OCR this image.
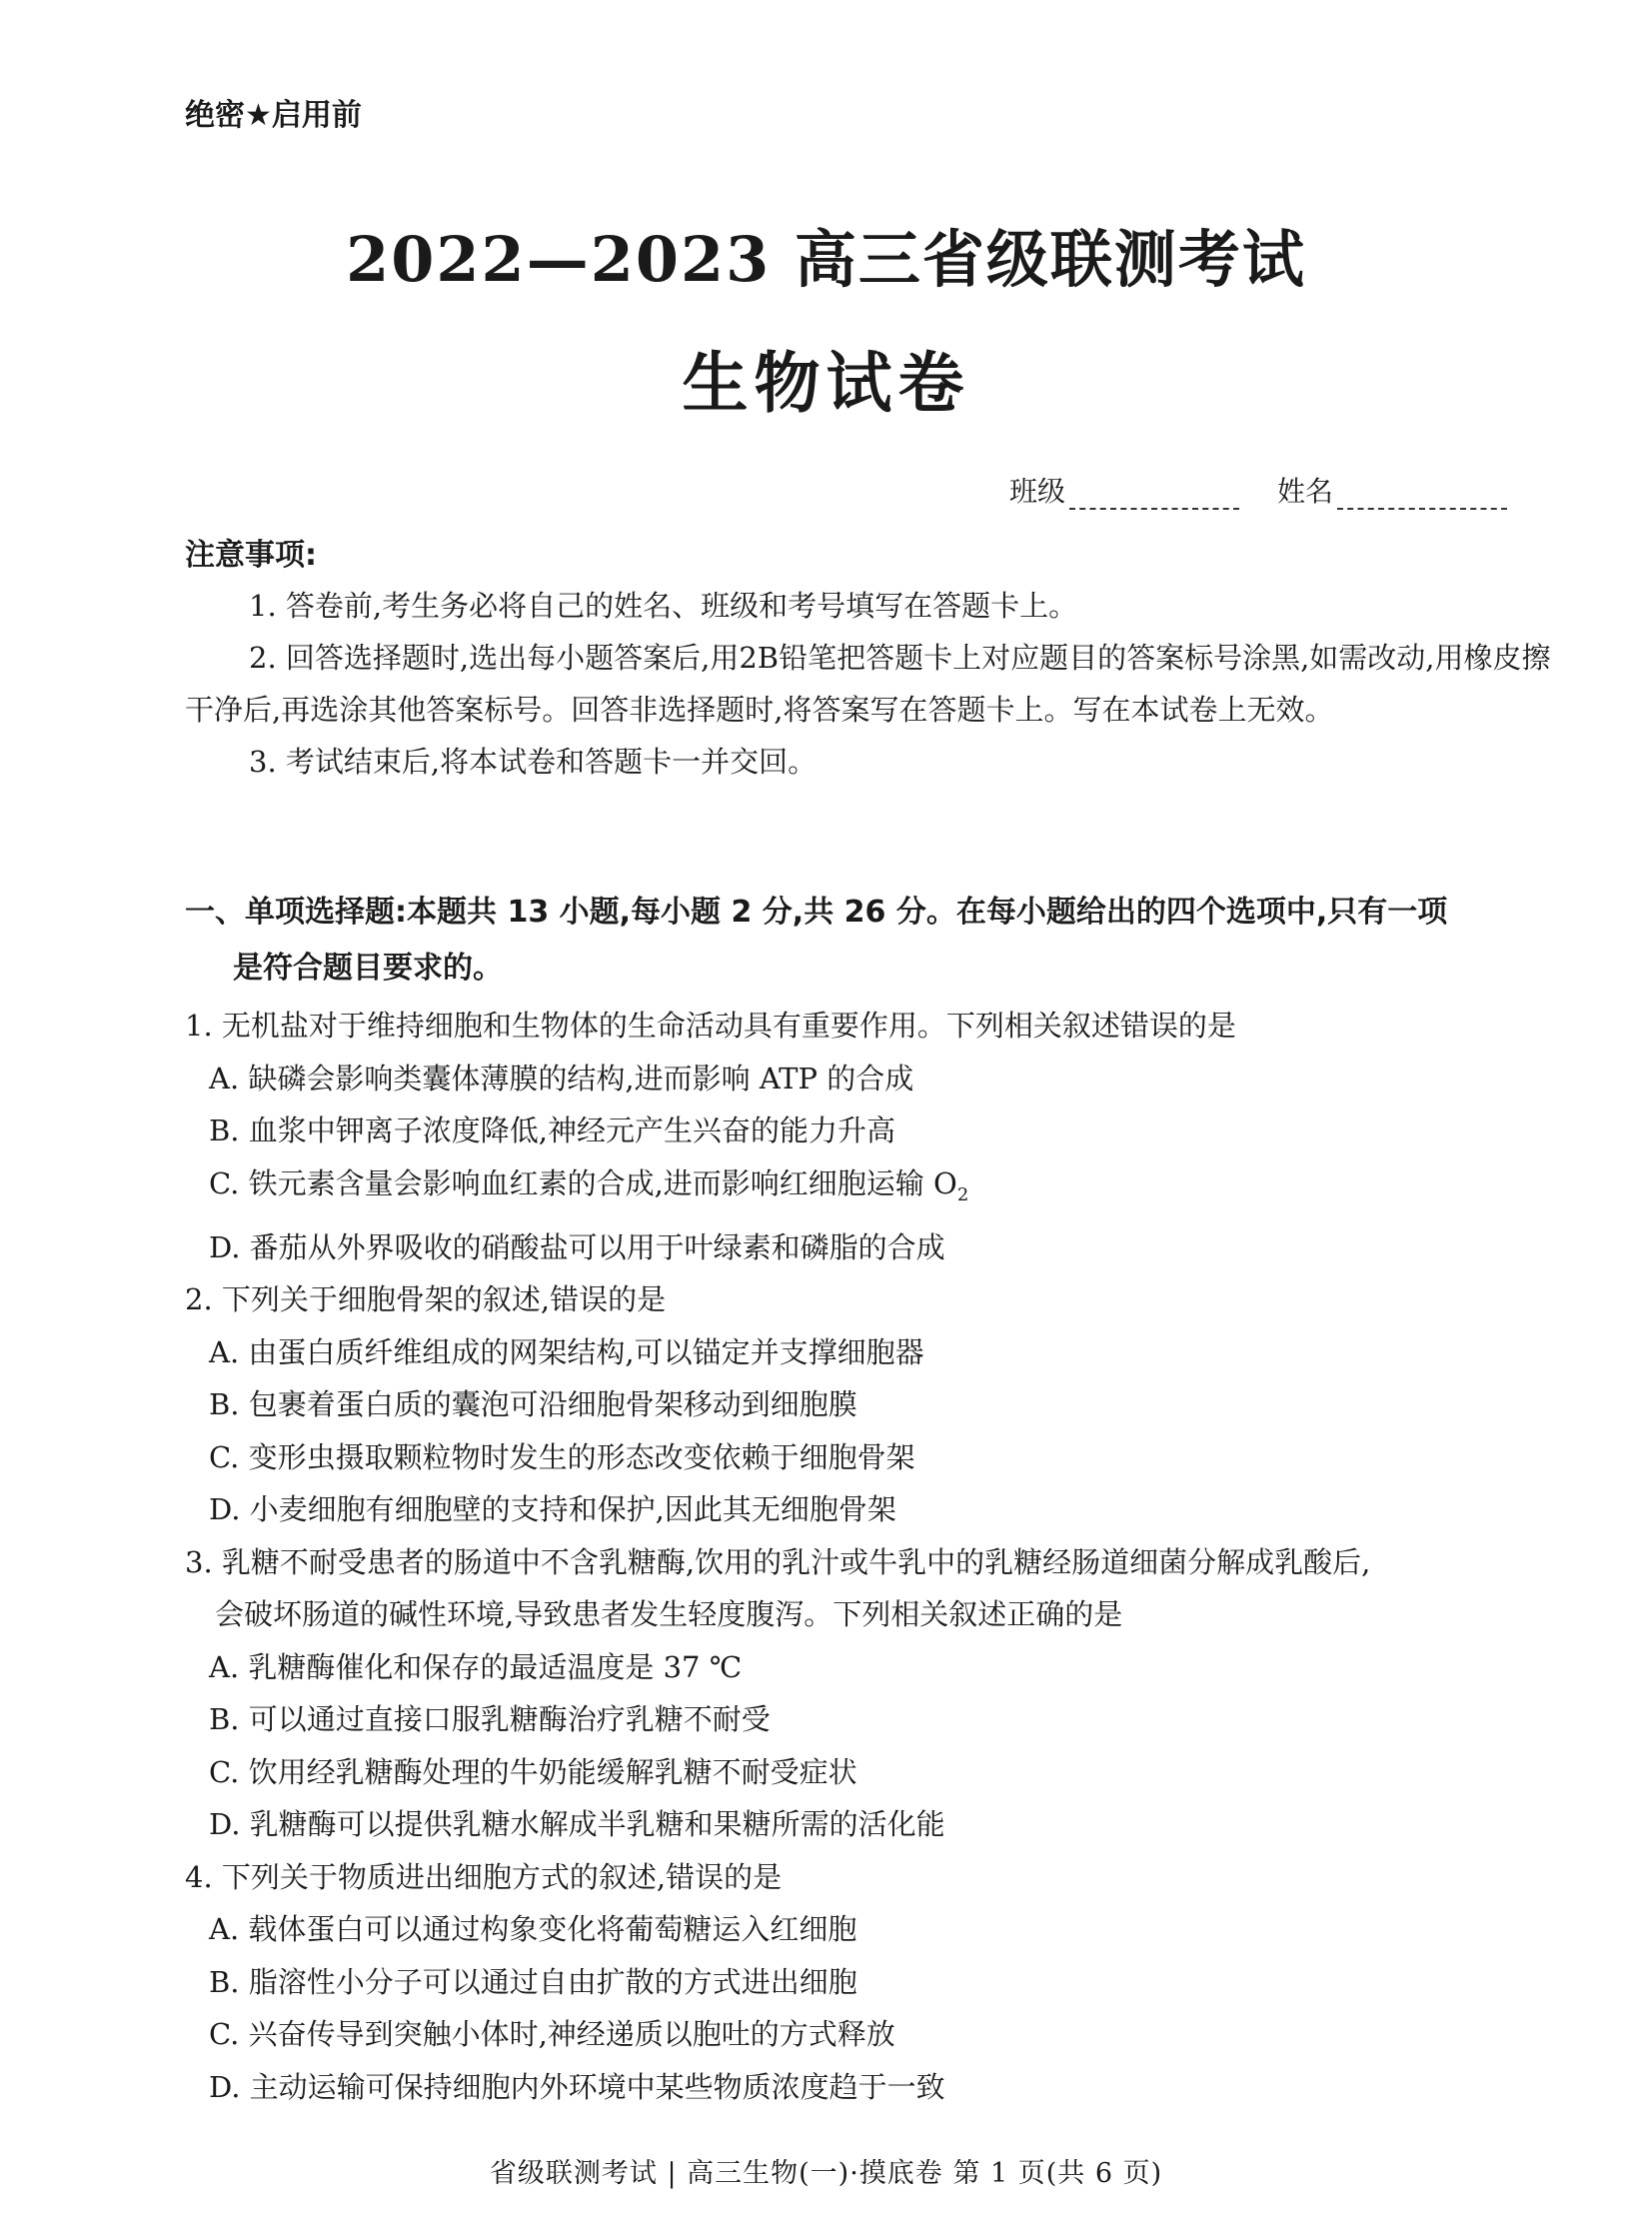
绝密★启用前
2022—2023 高三省级联测考试
生物试卷
班级	姓名
注意事项:

1. 答卷前,考生务必将自己的姓名、班级和考号填写在答题卡上。

2. 回答选择题时,选出每小题答案后,用2B铅笔把答题卡上对应题目的答案标号涂黑,如需改动,用橡皮擦干净后,再选涂其他答案标号。回答非选择题时,将答案写在答题卡上。写在本试卷上无效。

3. 考试结束后,将本试卷和答题卡一并交回。

一、单项选择题:本题共 13 小题,每小题 2 分,共 26 分。在每小题给出的四个选项中,只有一项
是符合题目要求的。

1. 无机盐对于维持细胞和生物体的生命活动具有重要作用。下列相关叙述错误的是

A. 缺磷会影响类囊体薄膜的结构,进而影响 ATP 的合成

B. 血浆中钾离子浓度降低,神经元产生兴奋的能力升高

C. 铁元素含量会影响血红素的合成,进而影响红细胞运输 $O_2$

D. 番茄从外界吸收的硝酸盐可以用于叶绿素和磷脂的合成

2. 下列关于细胞骨架的叙述,错误的是

A. 由蛋白质纤维组成的网架结构,可以锚定并支撑细胞器

B. 包裹着蛋白质的囊泡可沿细胞骨架移动到细胞膜

C. 变形虫摄取颗粒物时发生的形态改变依赖于细胞骨架

D. 小麦细胞有细胞壁的支持和保护,因此其无细胞骨架

3. 乳糖不耐受患者的肠道中不含乳糖酶,饮用的乳汁或牛乳中的乳糖经肠道细菌分解成乳酸后,
会破坏肠道的碱性环境,导致患者发生轻度腹泻。下列相关叙述正确的是

A. 乳糖酶催化和保存的最适温度是 37 ℃

B. 可以通过直接口服乳糖酶治疗乳糖不耐受

C. 饮用经乳糖酶处理的牛奶能缓解乳糖不耐受症状

D. 乳糖酶可以提供乳糖水解成半乳糖和果糖所需的活化能

4. 下列关于物质进出细胞方式的叙述,错误的是

A. 载体蛋白可以通过构象变化将葡萄糖运入红细胞

B. 脂溶性小分子可以通过自由扩散的方式进出细胞

C. 兴奋传导到突触小体时,神经递质以胞吐的方式释放

D. 主动运输可保持细胞内外环境中某些物质浓度趋于一致

省级联测考试 | 高三生物(一)·摸底卷 第 1 页(共 6 页)
